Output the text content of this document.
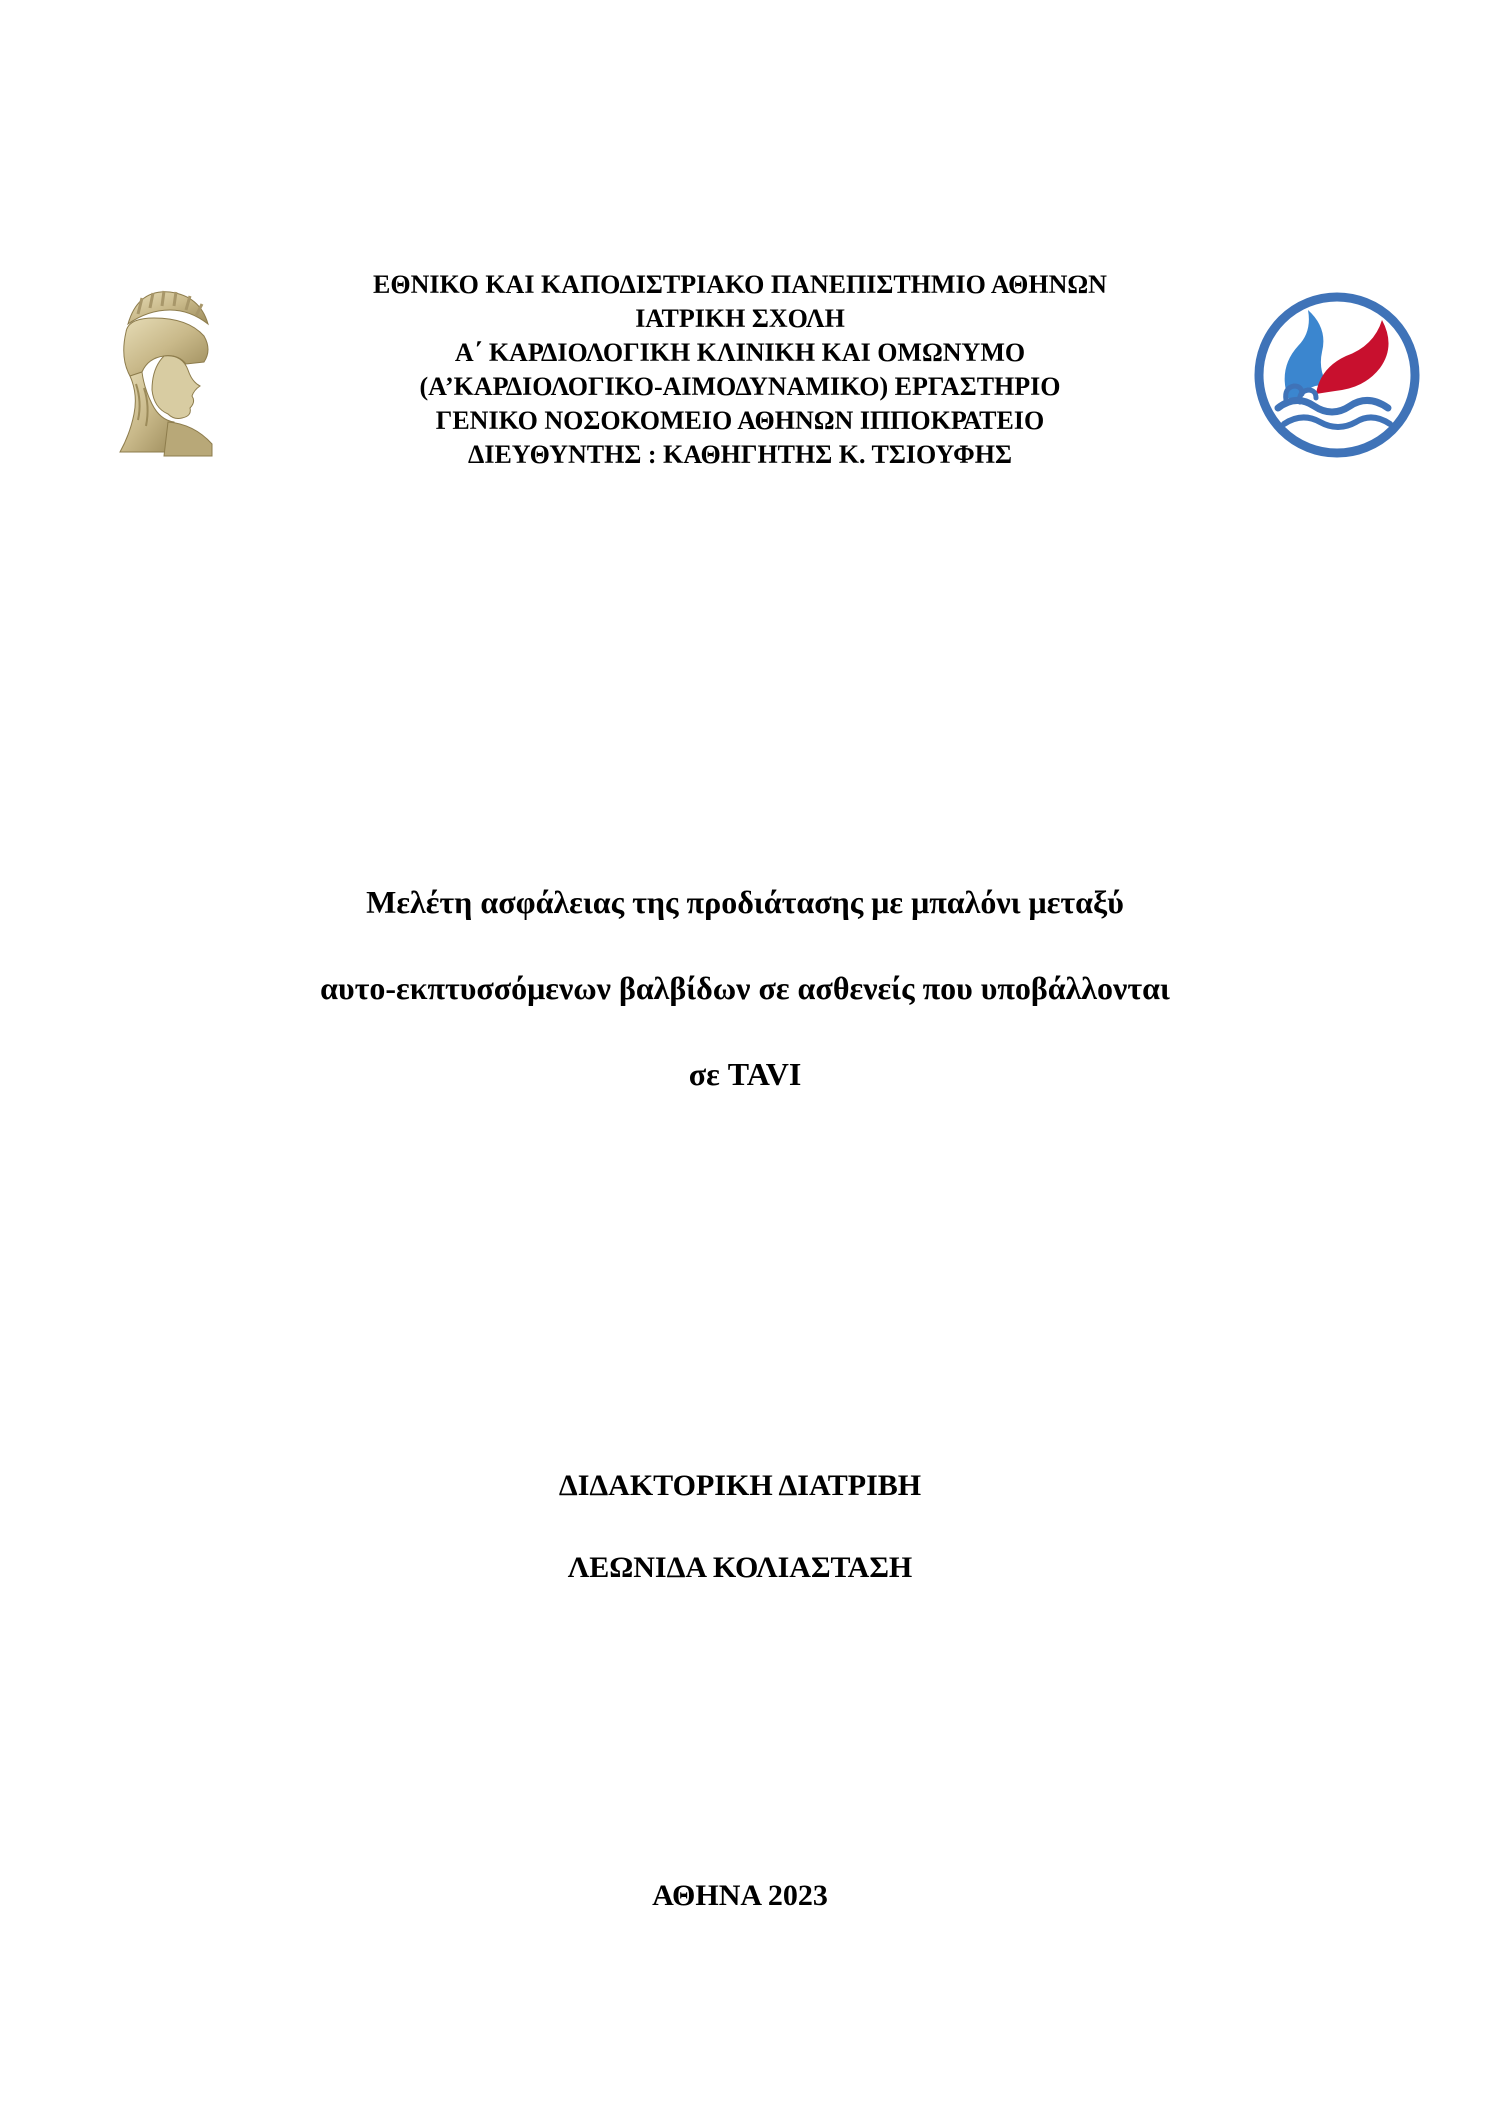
ΕΘΝΙΚΟ ΚΑΙ ΚΑΠΟΔΙΣΤΡΙΑΚΟ ΠΑΝΕΠΙΣΤΗΜΙΟ ΑΘΗΝΩΝ
ΙΑΤΡΙΚΗ ΣΧΟΛΗ
Α΄ ΚΑΡΔΙΟΛΟΓΙΚΗ ΚΛΙΝΙΚΗ ΚΑΙ ΟΜΩΝΥΜΟ
(Α’ΚΑΡΔΙΟΛΟΓΙΚΟ-ΑΙΜΟΔΥΝΑΜΙΚΟ) ΕΡΓΑΣΤΗΡΙΟ
ΓΕΝΙΚΟ ΝΟΣΟΚΟΜΕΙΟ ΑΘΗΝΩΝ ΙΠΠΟΚΡΑΤΕΙΟ
ΔΙΕΥΘΥΝΤΗΣ : ΚΑΘΗΓΗΤΗΣ Κ. ΤΣΙΟΥΦΗΣ
Μελέτη ασφάλειας της προδιάτασης με μπαλόνι μεταξύ
αυτο-εκπτυσσόμενων βαλβίδων σε ασθενείς που υποβάλλονται
σε TAVI
ΔΙΔΑΚΤΟΡΙΚΗ ΔΙΑΤΡΙΒΗ
ΛΕΩΝΙΔΑ ΚΟΛΙΑΣΤΑΣΗ
ΑΘΗΝΑ 2023
